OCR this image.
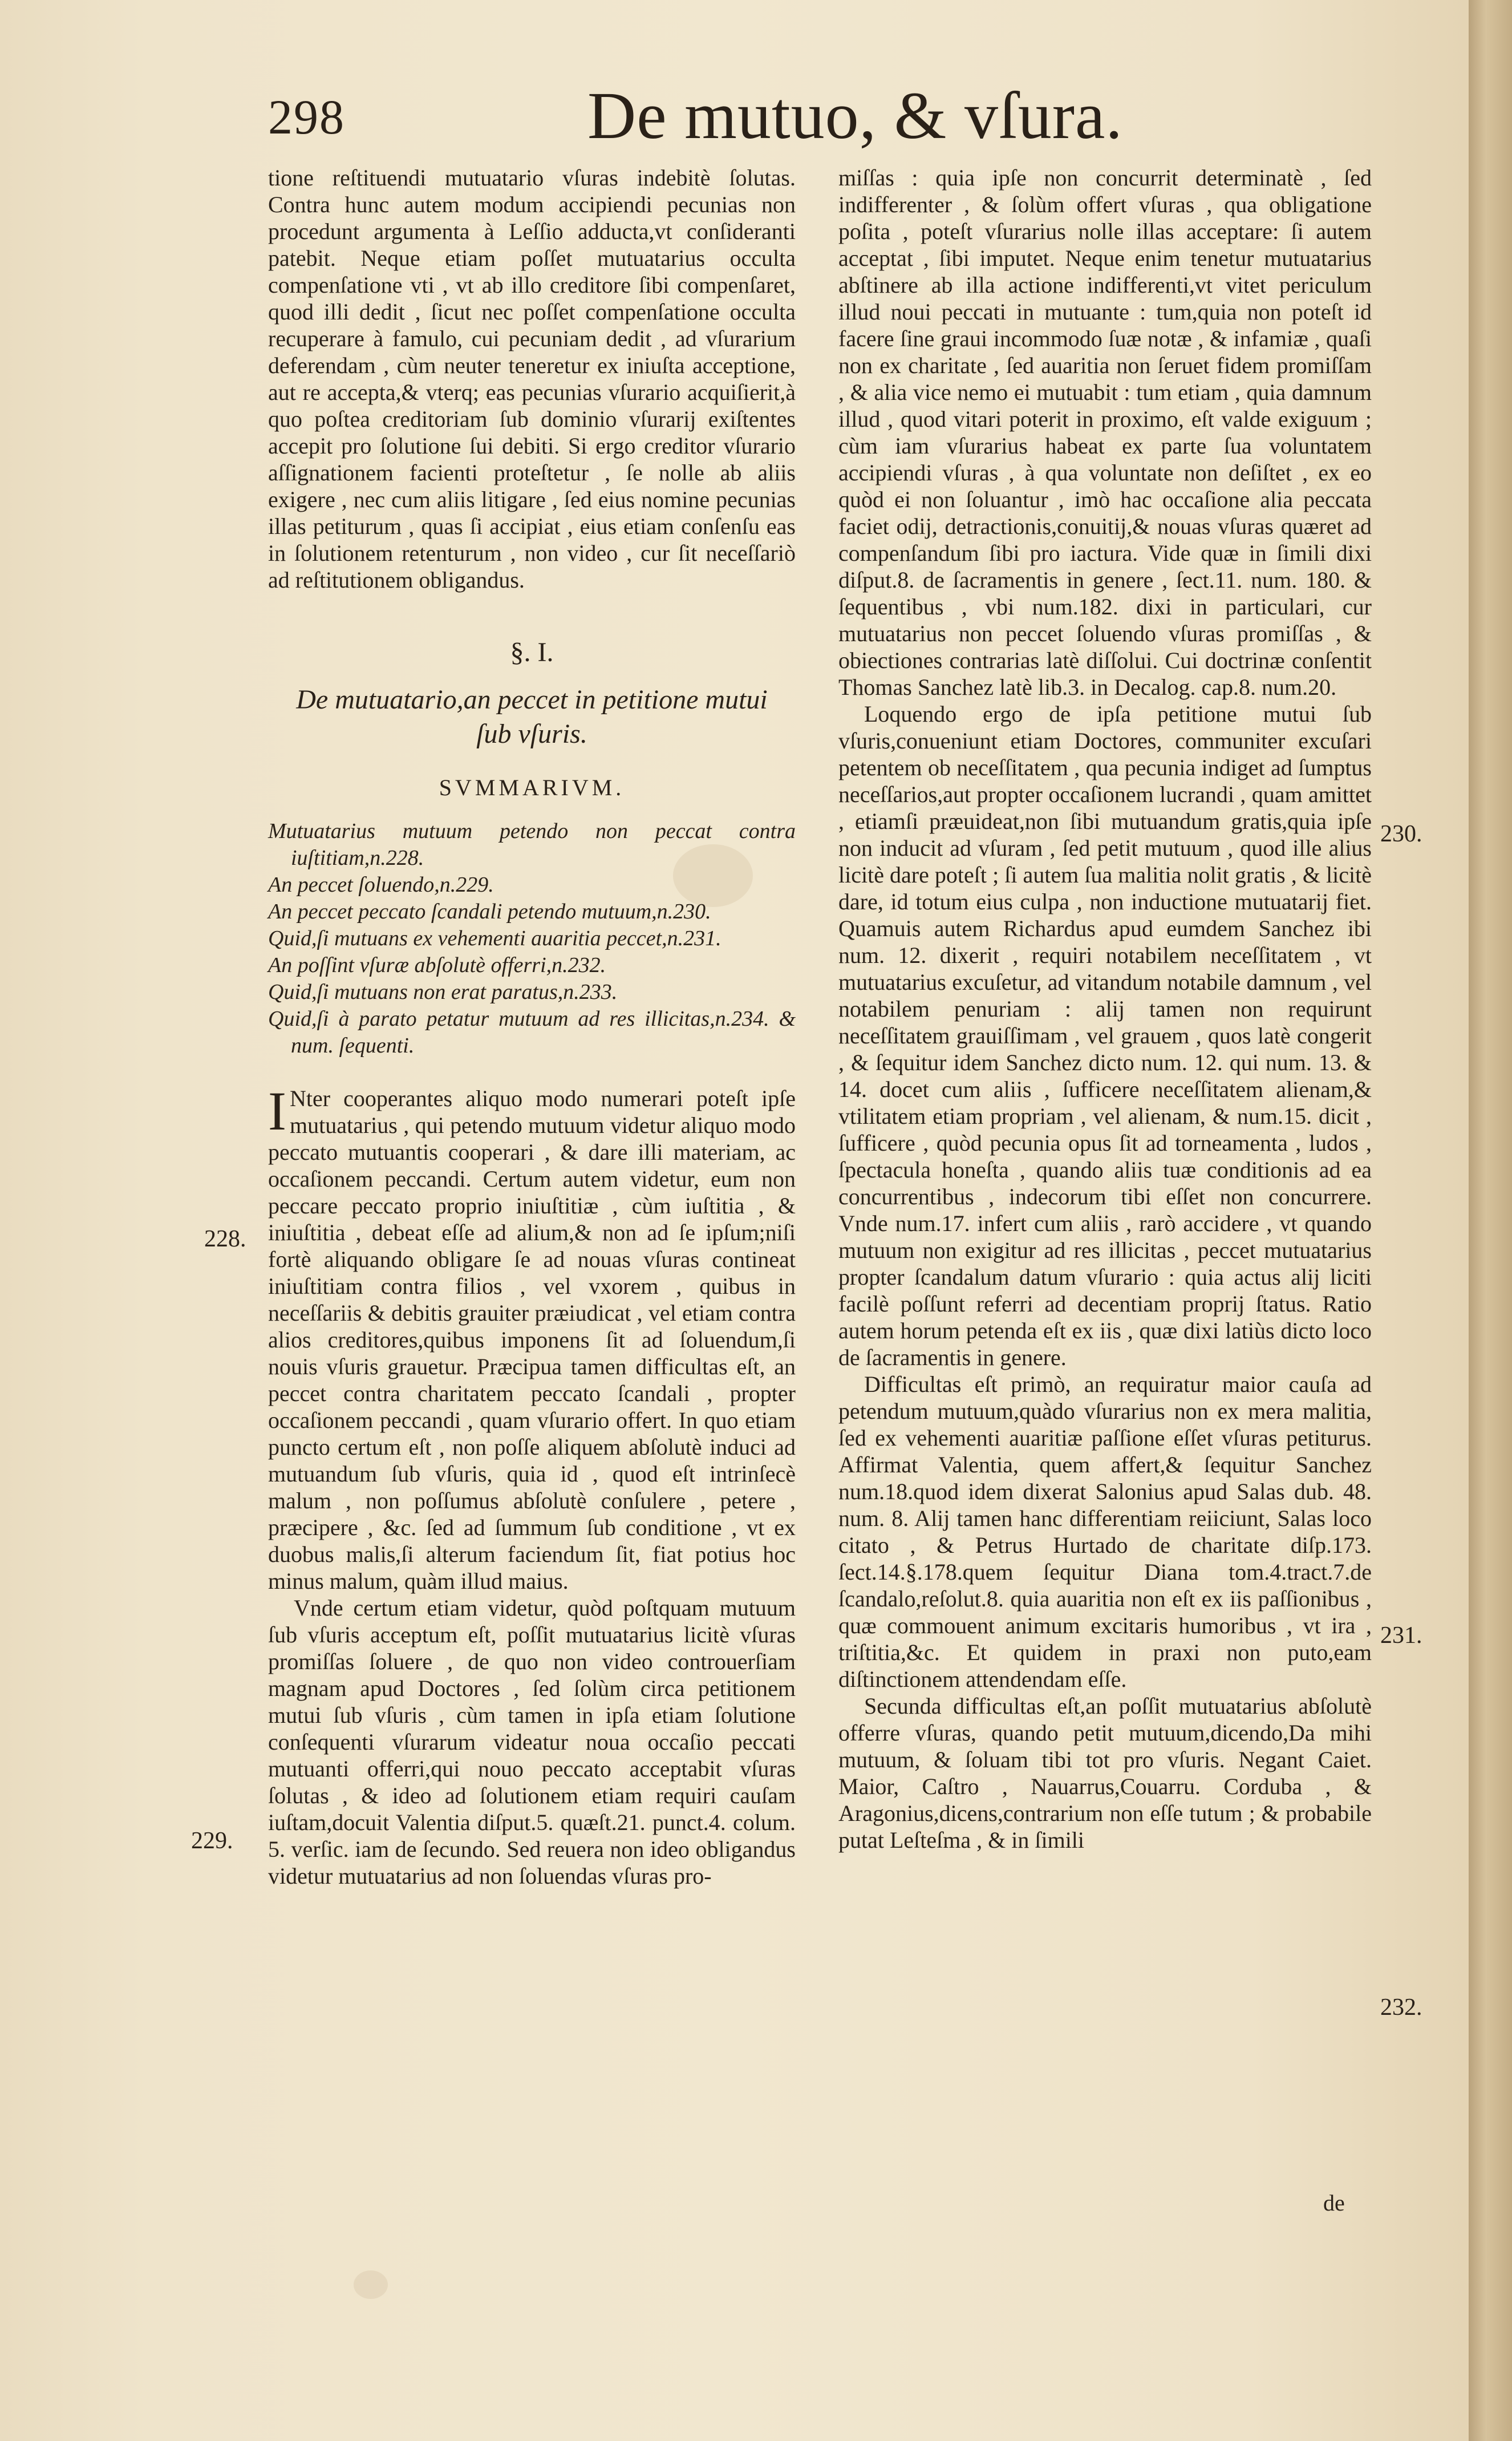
298	De mutuo, & vſura.
228.
229.
230.
231.
232.

tione reſtituendi mutuatario vſuras indebitè ſolutas. Contra hunc autem modum accipiendi pecunias non procedunt argumenta à Leſſio adducta,vt conſideranti patebit. Neque etiam poſſet mutuatarius occulta compenſatione vti , vt ab illo creditore ſibi compenſaret, quod illi dedit , ſicut nec poſſet compenſatione occulta recuperare à famulo, cui pecuniam dedit , ad vſurarium deferendam , cùm neuter teneretur ex iniuſta acceptione, aut re accepta,& vterq; eas pecunias vſurario acquiſierit,à quo poſtea creditoriam ſub dominio vſurarij exiſtentes accepit pro ſolutione ſui debiti. Si ergo creditor vſurario aſſignationem facienti proteſtetur , ſe nolle ab aliis exigere , nec cum aliis litigare , ſed eius nomine pecunias illas petiturum , quas ſi accipiat , eius etiam conſenſu eas in ſolutionem retenturum , non video , cur ſit neceſſariò ad reſtitutionem obligandus.

§. I.
De mutuatario,an peccet in petitione mutui ſub vſuris.
SVMMARIVM.
Mutuatarius mutuum petendo non peccat contra iuſtitiam,n.228.
An peccet ſoluendo,n.229.
An peccet peccato ſcandali petendo mutuum,n.230.
Quid,ſi mutuans ex vehementi auaritia peccet,n.231.
An poſſint vſuræ abſolutè offerri,n.232.
Quid,ſi mutuans non erat paratus,n.233.
Quid,ſi à parato petatur mutuum ad res illicitas,n.234. & num. ſequenti.

I Nter cooperantes aliquo modo numerari poteſt ipſe mutuatarius , qui petendo mutuum videtur aliquo modo peccato mutuantis cooperari , & dare illi materiam, ac occaſionem peccandi. Certum autem videtur, eum non peccare peccato proprio iniuſtitiæ , cùm iuſtitia , & iniuſtitia , debeat eſſe ad alium,& non ad ſe ipſum;niſi fortè aliquando obligare ſe ad nouas vſuras contineat iniuſtitiam contra filios , vel vxorem , quibus in neceſſariis & debitis grauiter præiudicat , vel etiam contra alios creditores,quibus imponens ſit ad ſoluendum,ſi nouis vſuris grauetur. Præcipua tamen difficultas eſt, an peccet contra charitatem peccato ſcandali , propter occaſionem peccandi , quam vſurario offert. In quo etiam puncto certum eſt , non poſſe aliquem abſolutè induci ad mutuandum ſub vſuris, quia id , quod eſt intrinſecè malum , non poſſumus abſolutè conſulere , petere , præcipere , &c. ſed ad ſummum ſub conditione , vt ex duobus malis,ſi alterum faciendum ſit, fiat potius hoc minus malum, quàm illud maius.

Vnde certum etiam videtur, quòd poſtquam mutuum ſub vſuris acceptum eſt, poſſit mutuatarius licitè vſuras promiſſas ſoluere , de quo non video controuerſiam magnam apud Doctores , ſed ſolùm circa petitionem mutui ſub vſuris , cùm tamen in ipſa etiam ſolutione conſequenti vſurarum videatur noua occaſio peccati mutuanti offerri,qui nouo peccato acceptabit vſuras ſolutas , & ideo ad ſolutionem etiam requiri cauſam iuſtam,docuit Valentia diſput.5. quæſt.21. punct.4. colum. 5. verſic. iam de ſecundo. Sed reuera non ideo obligandus videtur mutuatarius ad non ſoluendas vſuras pro-

miſſas : quia ipſe non concurrit determinatè , ſed indifferenter , & ſolùm offert vſuras , qua obligatione poſita , poteſt vſurarius nolle illas acceptare: ſi autem acceptat , ſibi imputet. Neque enim tenetur mutuatarius abſtinere ab illa actione indifferenti,vt vitet periculum illud noui peccati in mutuante : tum,quia non poteſt id facere ſine graui incommodo ſuæ notæ , & infamiæ , quaſi non ex charitate , ſed auaritia non ſeruet fidem promiſſam , & alia vice nemo ei mutuabit : tum etiam , quia damnum illud , quod vitari poterit in proximo, eſt valde exiguum ; cùm iam vſurarius habeat ex parte ſua voluntatem accipiendi vſuras , à qua voluntate non deſiſtet , ex eo quòd ei non ſoluantur , imò hac occaſione alia peccata faciet odij, detractionis,conuitij,& nouas vſuras quæret ad compenſandum ſibi pro iactura. Vide quæ in ſimili dixi diſput.8. de ſacramentis in genere , ſect.11. num. 180. & ſequentibus , vbi num.182. dixi in particulari, cur mutuatarius non peccet ſoluendo vſuras promiſſas , & obiectiones contrarias latè diſſolui. Cui doctrinæ conſentit Thomas Sanchez latè lib.3. in Decalog. cap.8. num.20.

Loquendo ergo de ipſa petitione mutui ſub vſuris,conueniunt etiam Doctores, communiter excuſari petentem ob neceſſitatem , qua pecunia indiget ad ſumptus neceſſarios,aut propter occaſionem lucrandi , quam amittet , etiamſi præuideat,non ſibi mutuandum gratis,quia ipſe non inducit ad vſuram , ſed petit mutuum , quod ille alius licitè dare poteſt ; ſi autem ſua malitia nolit gratis , & licitè dare, id totum eius culpa , non inductione mutuatarij fiet. Quamuis autem Richardus apud eumdem Sanchez ibi num. 12. dixerit , requiri notabilem neceſſitatem , vt mutuatarius excuſetur, ad vitandum notabile damnum , vel notabilem penuriam : alij tamen non requirunt neceſſitatem grauiſſimam , vel grauem , quos latè congerit , & ſequitur idem Sanchez dicto num. 12. qui num. 13. & 14. docet cum aliis , ſufficere neceſſitatem alienam,& vtilitatem etiam propriam , vel alienam, & num.15. dicit , ſufficere , quòd pecunia opus ſit ad torneamenta , ludos , ſpectacula honeſta , quando aliis tuæ conditionis ad ea concurrentibus , indecorum tibi eſſet non concurrere. Vnde num.17. infert cum aliis , rarò accidere , vt quando mutuum non exigitur ad res illicitas , peccet mutuatarius propter ſcandalum datum vſurario : quia actus alij liciti facilè poſſunt referri ad decentiam proprij ſtatus. Ratio autem horum petenda eſt ex iis , quæ dixi latiùs dicto loco de ſacramentis in genere.

Difficultas eſt primò, an requiratur maior cauſa ad petendum mutuum,quàdo vſurarius non ex mera malitia, ſed ex vehementi auaritiæ paſſione eſſet vſuras petiturus. Affirmat Valentia, quem affert,& ſequitur Sanchez num.18.quod idem dixerat Salonius apud Salas dub. 48. num. 8. Alij tamen hanc differentiam reiiciunt, Salas loco citato , & Petrus Hurtado de charitate diſp.173. ſect.14.§.178.quem ſequitur Diana tom.4.tract.7.de ſcandalo,reſolut.8. quia auaritia non eſt ex iis paſſionibus , quæ commouent animum excitaris humoribus , vt ira , triſtitia,&c. Et quidem in praxi non puto,eam diſtinctionem attendendam eſſe.

Secunda difficultas eſt,an poſſit mutuatarius abſolutè offerre vſuras, quando petit mutuum,dicendo,Da mihi mutuum, & ſoluam tibi tot pro vſuris. Negant Caiet. Maior, Caſtro , Nauarrus,Couarru. Corduba , & Aragonius,dicens,contrarium non eſſe tutum ; & probabile putat Leſteſma , & in ſimili

de
